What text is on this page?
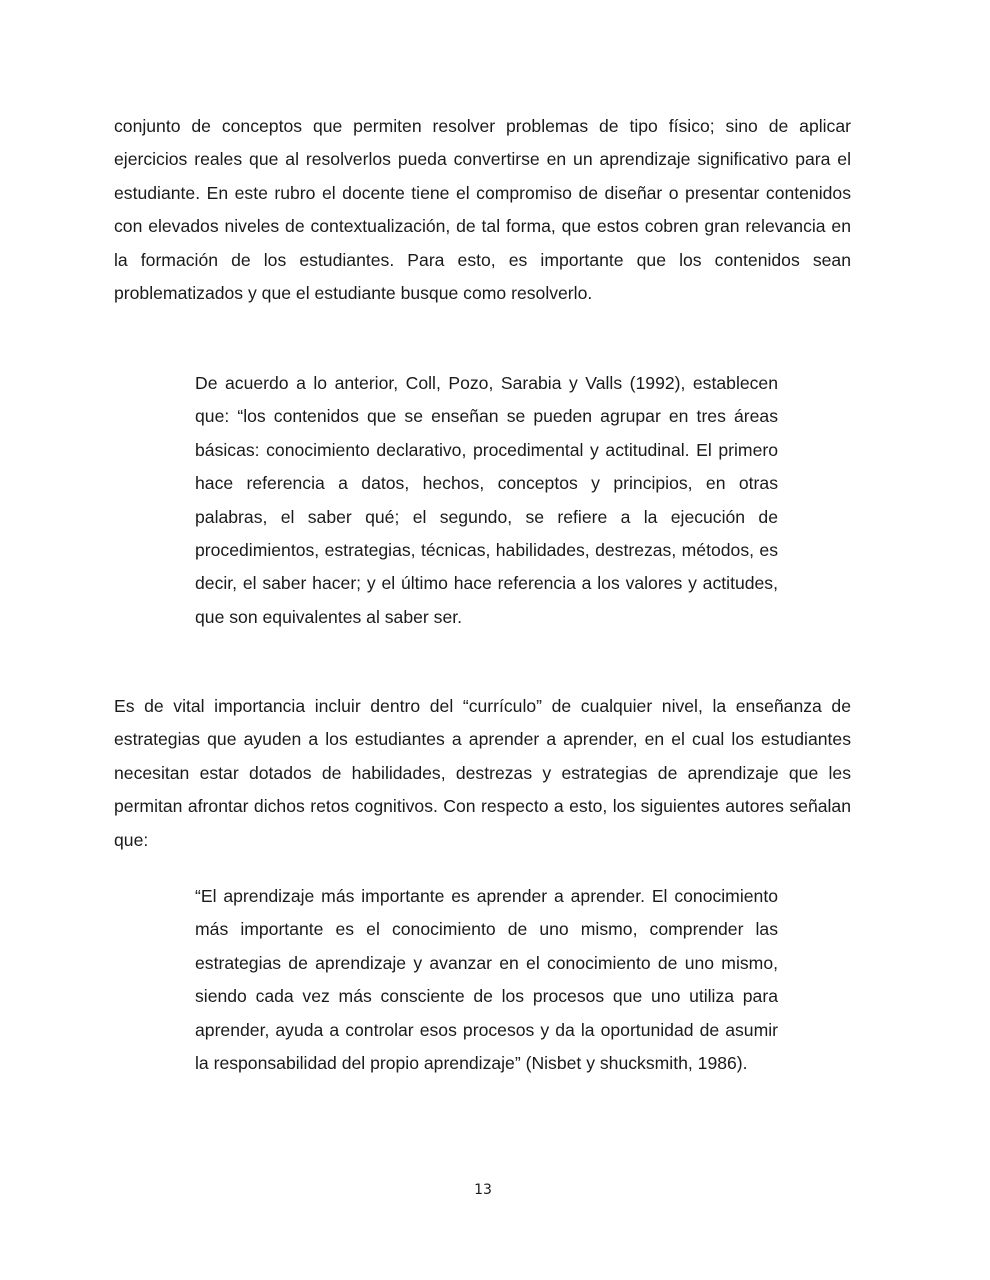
conjunto de conceptos que permiten resolver problemas de tipo físico; sino de aplicar ejercicios reales que al resolverlos pueda convertirse en un aprendizaje significativo para el estudiante. En este rubro el docente tiene el compromiso de diseñar o presentar contenidos con elevados niveles de contextualización, de tal forma, que estos cobren gran relevancia en la formación de los estudiantes. Para esto, es importante que los contenidos sean problematizados y que el estudiante busque como resolverlo.

De acuerdo a lo anterior, Coll, Pozo, Sarabia y Valls (1992), establecen que: “los contenidos que se enseñan se pueden agrupar en tres áreas básicas: conocimiento declarativo, procedimental y actitudinal. El primero hace referencia a datos, hechos, conceptos y principios, en otras palabras, el saber qué; el segundo, se refiere a la ejecución de procedimientos, estrategias, técnicas, habilidades, destrezas, métodos, es decir, el saber hacer; y el último hace referencia a los valores y actitudes, que son equivalentes al saber ser.

Es de vital importancia incluir dentro del “currículo” de cualquier nivel, la enseñanza de estrategias que ayuden a los estudiantes a aprender a aprender, en el cual los estudiantes necesitan estar dotados de habilidades, destrezas y estrategias de aprendizaje que les permitan afrontar dichos retos cognitivos. Con respecto a esto, los siguientes autores señalan que:

“El aprendizaje más importante es aprender a aprender. El conocimiento más importante es el conocimiento de uno mismo, comprender las estrategias de aprendizaje y avanzar en el conocimiento de uno mismo, siendo cada vez más consciente de los procesos que uno utiliza para aprender, ayuda a controlar esos procesos y da la oportunidad de asumir la responsabilidad del propio aprendizaje” (Nisbet y shucksmith, 1986).

13
